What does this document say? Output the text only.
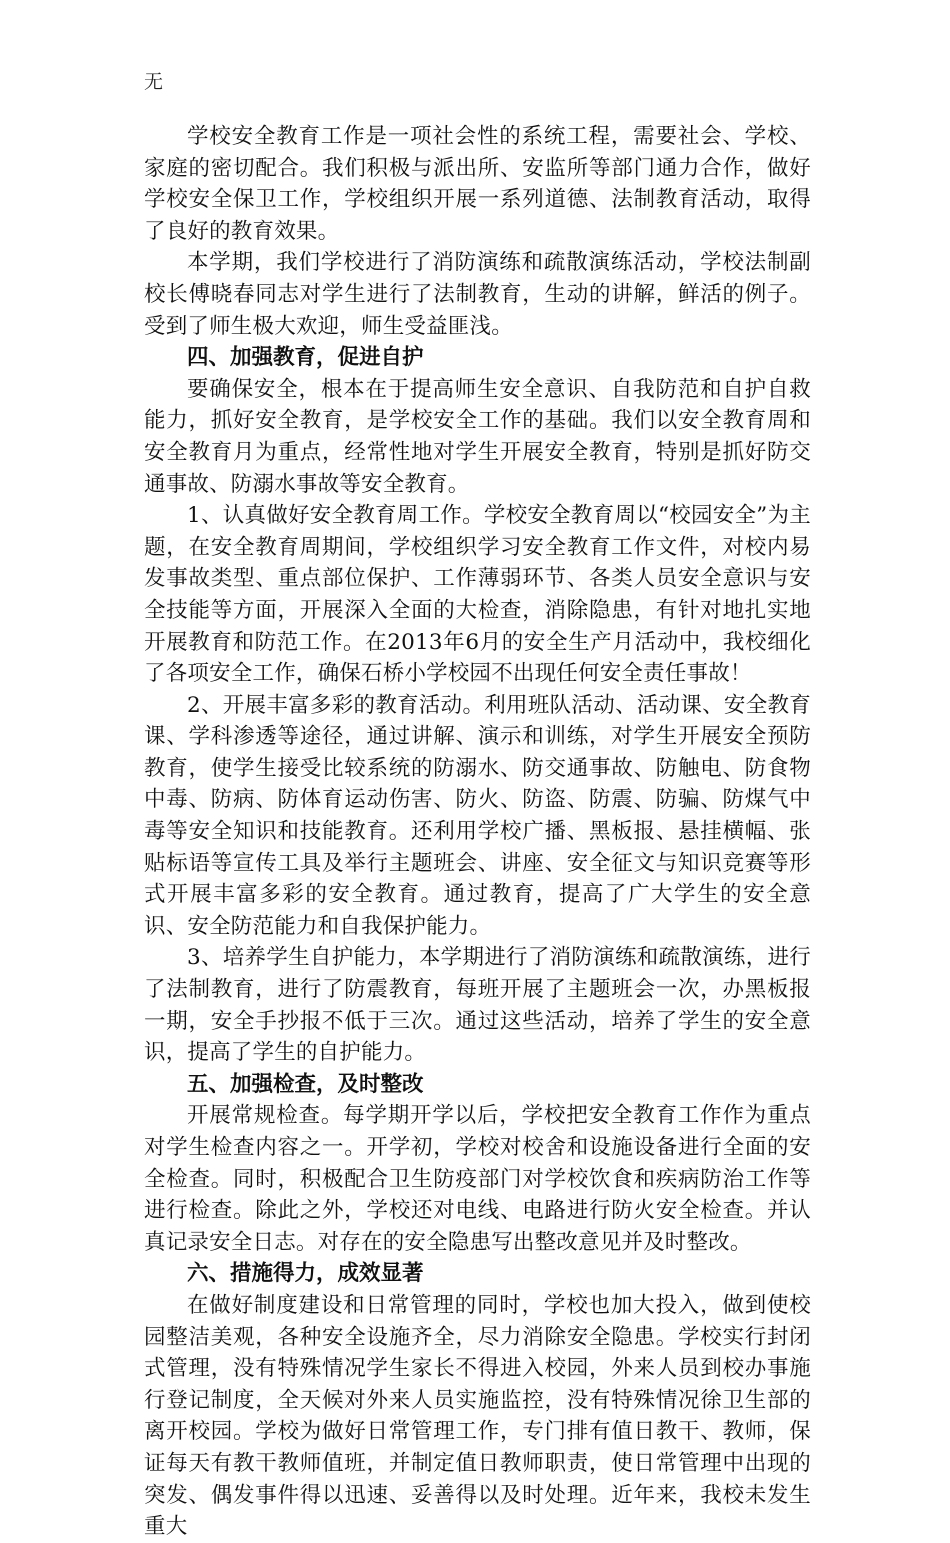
无

学校安全教育工作是一项社会性的系统工程，需要社会、学校、家庭的密切配合。我们积极与派出所、安监所等部门通力合作，做好学校安全保卫工作，学校组织开展一系列道德、法制教育活动，取得了良好的教育效果。

本学期，我们学校进行了消防演练和疏散演练活动，学校法制副校长傅晓春同志对学生进行了法制教育，生动的讲解，鲜活的例子。受到了师生极大欢迎，师生受益匪浅。

四、加强教育，促进自护

要确保安全，根本在于提高师生安全意识、自我防范和自护自救能力，抓好安全教育，是学校安全工作的基础。我们以安全教育周和安全教育月为重点，经常性地对学生开展安全教育，特别是抓好防交通事故、防溺水事故等安全教育。

1、认真做好安全教育周工作。学校安全教育周以“校园安全”为主题，在安全教育周期间，学校组织学习安全教育工作文件，对校内易发事故类型、重点部位保护、工作薄弱环节、各类人员安全意识与安全技能等方面，开展深入全面的大检查，消除隐患，有针对地扎实地开展教育和防范工作。在2013年6月的安全生产月活动中，我校细化了各项安全工作，确保石桥小学校园不出现任何安全责任事故！

2、开展丰富多彩的教育活动。利用班队活动、活动课、安全教育课、学科渗透等途径，通过讲解、演示和训练，对学生开展安全预防教育，使学生接受比较系统的防溺水、防交通事故、防触电、防食物中毒、防病、防体育运动伤害、防火、防盗、防震、防骗、防煤气中毒等安全知识和技能教育。还利用学校广播、黑板报、悬挂横幅、张贴标语等宣传工具及举行主题班会、讲座、安全征文与知识竞赛等形式开展丰富多彩的安全教育。通过教育，提高了广大学生的安全意识、安全防范能力和自我保护能力。

3、培养学生自护能力，本学期进行了消防演练和疏散演练，进行了法制教育，进行了防震教育，每班开展了主题班会一次，办黑板报一期，安全手抄报不低于三次。通过这些活动，培养了学生的安全意识，提高了学生的自护能力。

五、加强检查，及时整改

开展常规检查。每学期开学以后，学校把安全教育工作作为重点对学生检查内容之一。开学初，学校对校舍和设施设备进行全面的安全检查。同时，积极配合卫生防疫部门对学校饮食和疾病防治工作等进行检查。除此之外，学校还对电线、电路进行防火安全检查。并认真记录安全日志。对存在的安全隐患写出整改意见并及时整改。

六、措施得力，成效显著

在做好制度建设和日常管理的同时，学校也加大投入，做到使校园整洁美观，各种安全设施齐全，尽力消除安全隐患。学校实行封闭式管理，没有特殊情况学生家长不得进入校园，外来人员到校办事施行登记制度，全天候对外来人员实施监控，没有特殊情况徐卫生部的离开校园。学校为做好日常管理工作，专门排有值日教干、教师，保证每天有教干教师值班，并制定值日教师职责，使日常管理中出现的突发、偶发事件得以迅速、妥善得以及时处理。近年来，我校未发生重大
